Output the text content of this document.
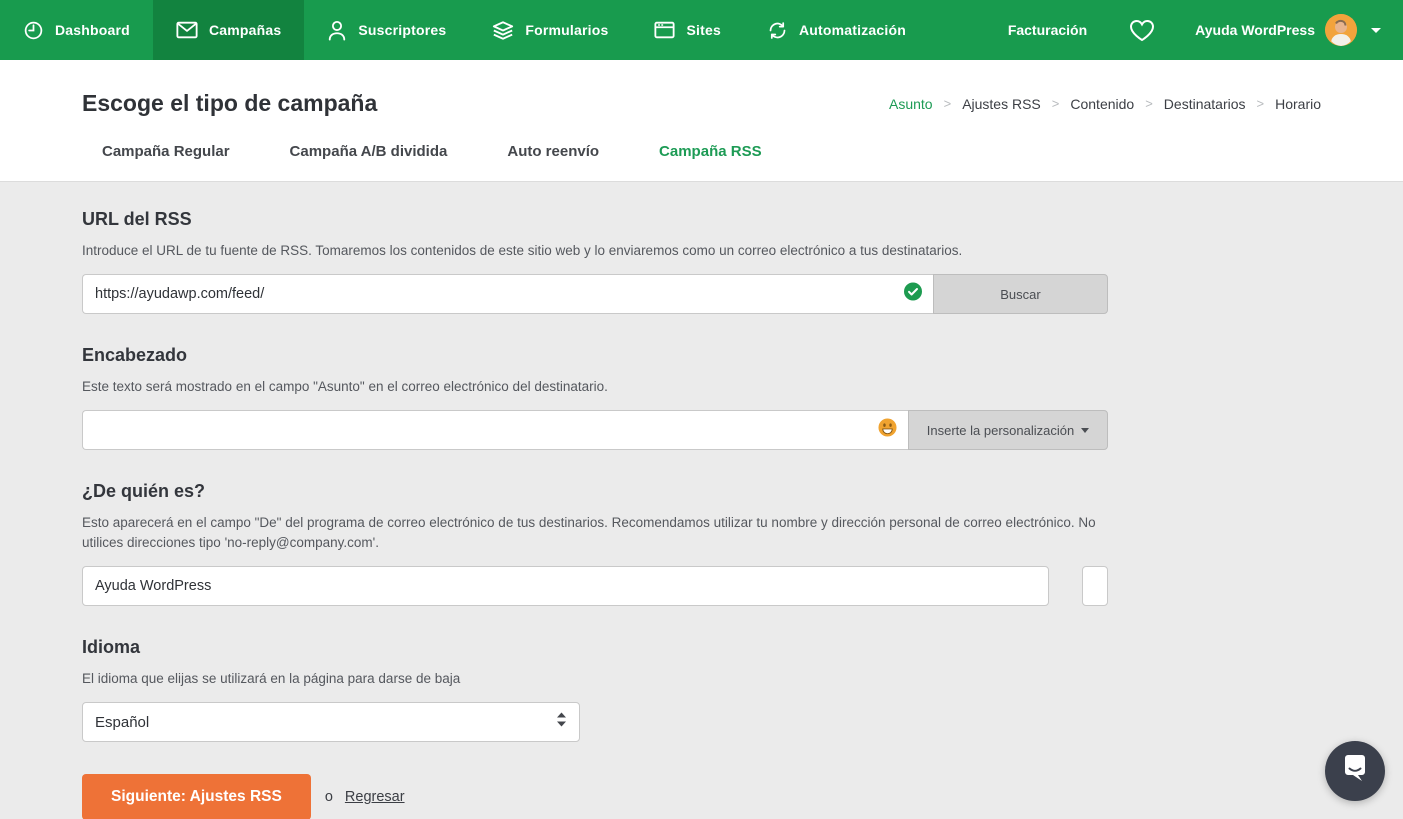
Dashboard	Campañas	Suscriptores	Formularios	Sites	Automatización	Facturación	Ayuda WordPress
Escoge el tipo de campaña	Asunto > Ajustes RSS > Contenido > Destinatarios > Horario
Campaña Regular	Campaña A/B dividida	Auto reenvío	Campaña RSS
URL del RSS

Introduce el URL de tu fuente de RSS. Tomaremos los contenidos de este sitio web y lo enviaremos como un correo electrónico a tus destinatarios.

https://ayudawp.com/feed/
Buscar
Encabezado

Este texto será mostrado en el campo "Asunto" en el correo electrónico del destinatario.

Inserte la personalización
¿De quién es?

Esto aparecerá en el campo "De" del programa de correo electrónico de tus destinarios. Recomendamos utilizar tu nombre y dirección personal de correo electrónico. No utilices direcciones tipo 'no-reply@company.com'.

Ayuda WordPress
admin@ayudawordpress.com
Idioma

El idioma que elijas se utilizará en la página para darse de baja

Español
Siguiente: Ajustes RSS	o Regresar
